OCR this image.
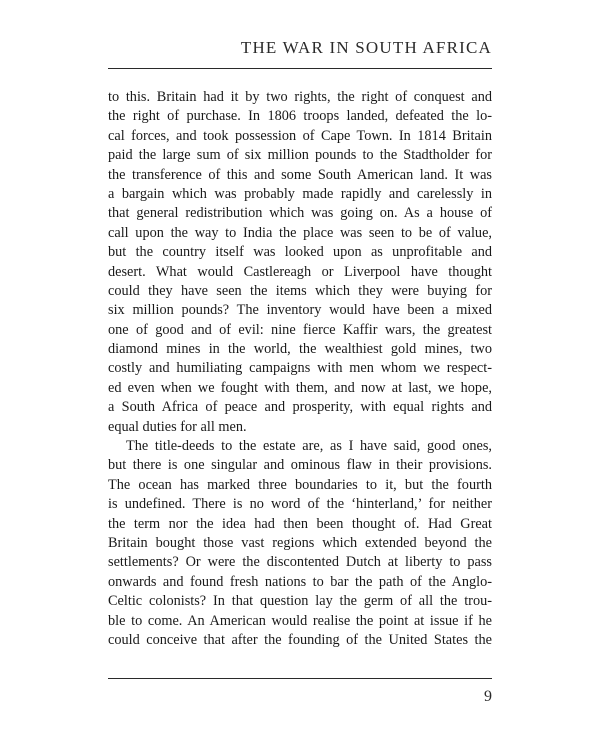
THE WAR IN SOUTH AFRICA
to this. Britain had it by two rights, the right of conquest and
the right of purchase. In 1806 troops landed, defeated the lo-
cal forces, and took possession of Cape Town. In 1814 Britain
paid the large sum of six million pounds to the Stadtholder for
the transference of this and some South American land. It was
a bargain which was probably made rapidly and carelessly in
that general redistribution which was going on. As a house of
call upon the way to India the place was seen to be of value,
but the country itself was looked upon as unprofitable and
desert. What would Castlereagh or Liverpool have thought
could they have seen the items which they were buying for
six million pounds? The inventory would have been a mixed
one of good and of evil: nine fierce Kaffir wars, the greatest
diamond mines in the world, the wealthiest gold mines, two
costly and humiliating campaigns with men whom we respect-
ed even when we fought with them, and now at last, we hope,
a South Africa of peace and prosperity, with equal rights and
equal duties for all men.
The title-deeds to the estate are, as I have said, good ones,
but there is one singular and ominous flaw in their provisions.
The ocean has marked three boundaries to it, but the fourth
is undefined. There is no word of the ‘hinterland,’ for neither
the term nor the idea had then been thought of. Had Great
Britain bought those vast regions which extended beyond the
settlements? Or were the discontented Dutch at liberty to pass
onwards and found fresh nations to bar the path of the Anglo-
Celtic colonists? In that question lay the germ of all the trou-
ble to come. An American would realise the point at issue if he
could conceive that after the founding of the United States the
9
